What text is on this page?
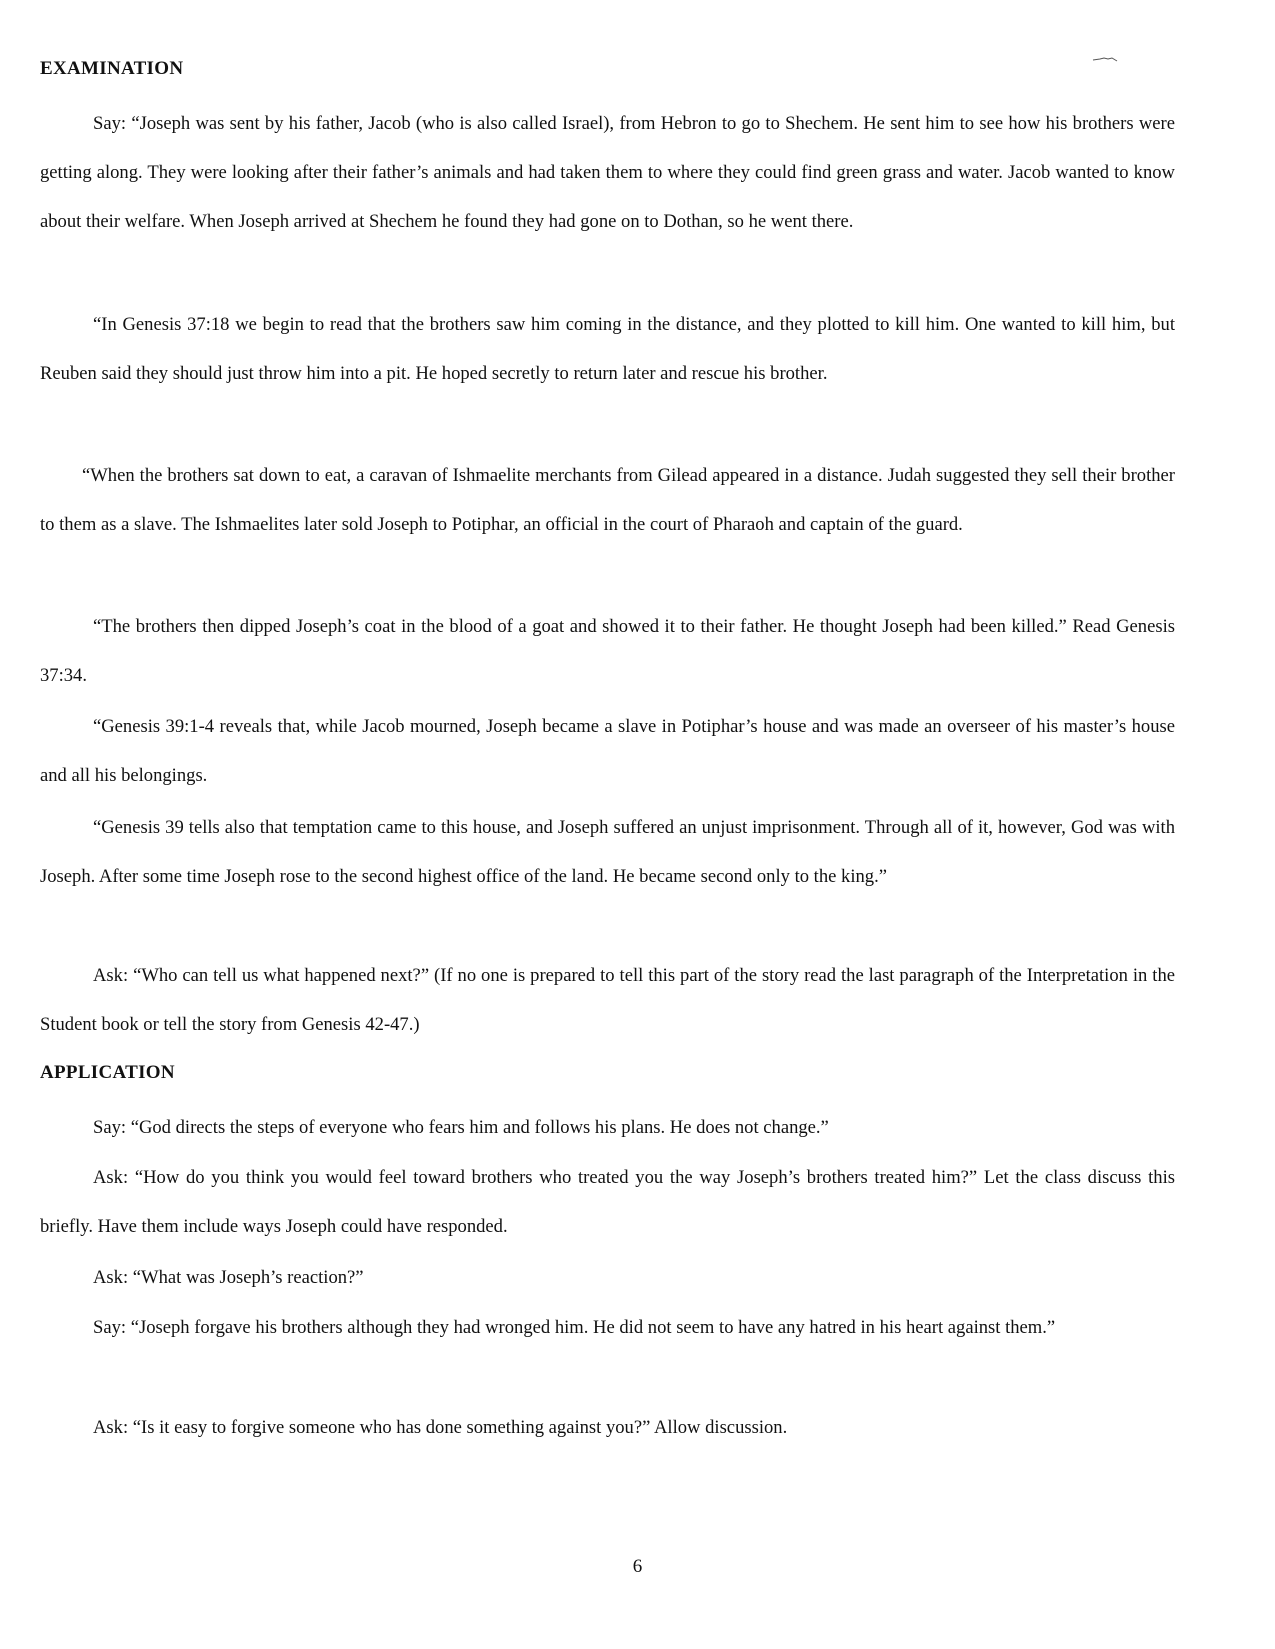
EXAMINATION

Say: “Joseph was sent by his father, Jacob (who is also called Israel), from Hebron to go to Shechem. He sent him to see how his brothers were getting along. They were looking after their father’s animals and had taken them to where they could find green grass and water. Jacob wanted to know about their welfare. When Joseph arrived at Shechem he found they had gone on to Dothan, so he went there.

“In Genesis 37:18 we begin to read that the brothers saw him coming in the distance, and they plotted to kill him. One wanted to kill him, but Reuben said they should just throw him into a pit. He hoped secretly to return later and rescue his brother.

“When the brothers sat down to eat, a caravan of Ishmaelite merchants from Gilead appeared in a distance. Judah suggested they sell their brother to them as a slave. The Ishmaelites later sold Joseph to Potiphar, an official in the court of Pharaoh and captain of the guard.

“The brothers then dipped Joseph’s coat in the blood of a goat and showed it to their father. He thought Joseph had been killed.” Read Genesis 37:34.

“Genesis 39:1-4 reveals that, while Jacob mourned, Joseph became a slave in Potiphar’s house and was made an overseer of his master’s house and all his belongings.

“Genesis 39 tells also that temptation came to this house, and Joseph suffered an unjust imprisonment. Through all of it, however, God was with Joseph. After some time Joseph rose to the second highest office of the land. He became second only to the king.”

Ask: “Who can tell us what happened next?” (If no one is prepared to tell this part of the story read the last paragraph of the Interpretation in the Student book or tell the story from Genesis 42-47.)

APPLICATION

Say: “God directs the steps of everyone who fears him and follows his plans. He does not change.”

Ask: “How do you think you would feel toward brothers who treated you the way Joseph’s brothers treated him?” Let the class discuss this briefly. Have them include ways Joseph could have responded.

Ask: “What was Joseph’s reaction?”

Say: “Joseph forgave his brothers although they had wronged him. He did not seem to have any hatred in his heart against them.”

Ask: “Is it easy to forgive someone who has done something against you?” Allow discussion.

6
